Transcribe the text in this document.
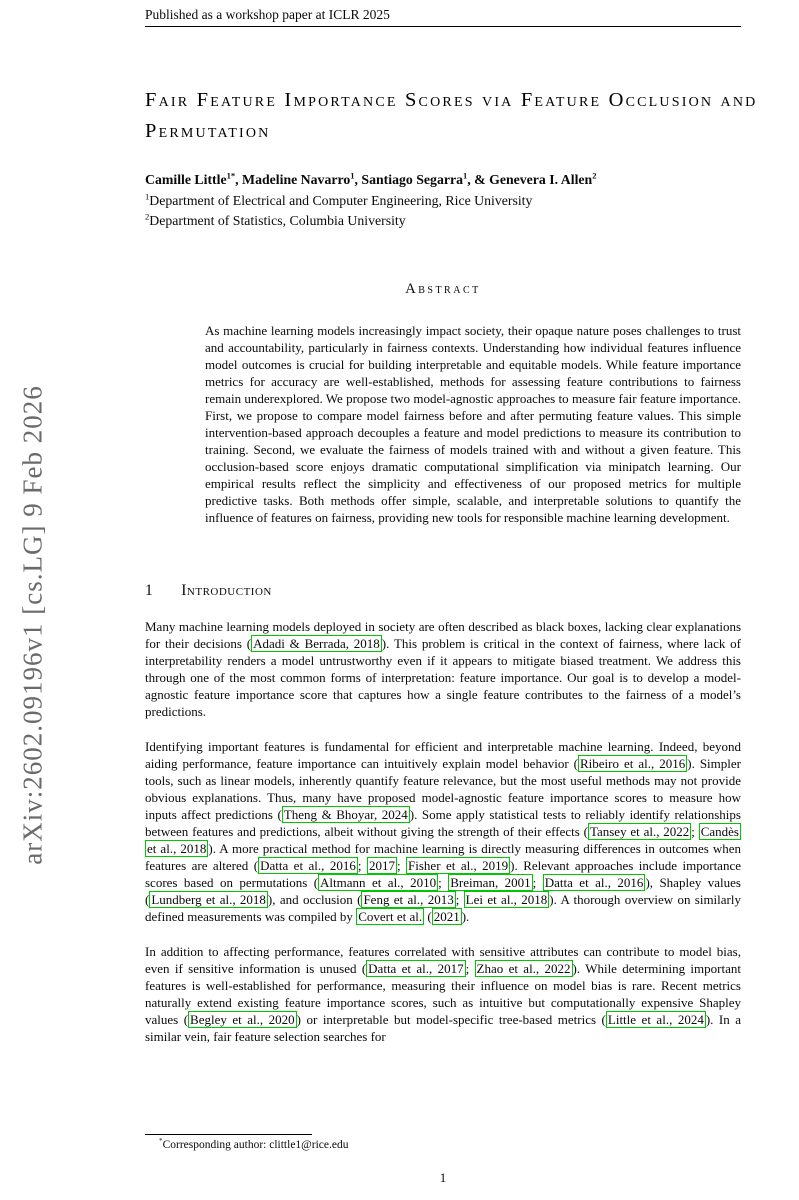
arXiv:2602.09196v1 [cs.LG] 9 Feb 2026
Published as a workshop paper at ICLR 2025
Fair Feature Importance Scores via Feature Occlusion and Permutation
Camille Little$^{1*}$, Madeline Navarro$^1$, Santiago Segarra$^1$, & Genevera I. Allen$^2$
$^1$Department of Electrical and Computer Engineering, Rice University
$^2$Department of Statistics, Columbia University
Abstract

As machine learning models increasingly impact society, their opaque nature poses challenges to trust and accountability, particularly in fairness contexts. Understanding how individual features influence model outcomes is crucial for building interpretable and equitable models. While feature importance metrics for accuracy are well-established, methods for assessing feature contributions to fairness remain underexplored. We propose two model-agnostic approaches to measure fair feature importance. First, we propose to compare model fairness before and after permuting feature values. This simple intervention-based approach decouples a feature and model predictions to measure its contribution to training. Second, we evaluate the fairness of models trained with and without a given feature. This occlusion-based score enjoys dramatic computational simplification via minipatch learning. Our empirical results reflect the simplicity and effectiveness of our proposed metrics for multiple predictive tasks. Both methods offer simple, scalable, and interpretable solutions to quantify the influence of features on fairness, providing new tools for responsible machine learning development.

1 Introduction

Many machine learning models deployed in society are often described as black boxes, lacking clear explanations for their decisions ( Adadi & Berrada, 2018 ). This problem is critical in the context of fairness, where lack of interpretability renders a model untrustworthy even if it appears to mitigate biased treatment. We address this through one of the most common forms of interpretation: feature importance. Our goal is to develop a model-agnostic feature importance score that captures how a single feature contributes to the fairness of a model’s predictions.

Identifying important features is fundamental for efficient and interpretable machine learning. Indeed, beyond aiding performance, feature importance can intuitively explain model behavior ( Ribeiro et al., 2016 ). Simpler tools, such as linear models, inherently quantify feature relevance, but the most useful methods may not provide obvious explanations. Thus, many have proposed model-agnostic feature importance scores to measure how inputs affect predictions ( Theng & Bhoyar, 2024 ). Some apply statistical tests to reliably identify relationships between features and predictions, albeit without giving the strength of their effects ( Tansey et al., 2022 ; Candès et al., 2018 ). A more practical method for machine learning is directly measuring differences in outcomes when features are altered ( Datta et al., 2016 ; 2017 ; Fisher et al., 2019 ). Relevant approaches include importance scores based on permutations ( Altmann et al., 2010 ; Breiman, 2001 ; Datta et al., 2016 ), Shapley values ( Lundberg et al., 2018 ), and occlusion ( Feng et al., 2013 ; Lei et al., 2018 ). A thorough overview on similarly defined measurements was compiled by Covert et al. ( 2021 ).

In addition to affecting performance, features correlated with sensitive attributes can contribute to model bias, even if sensitive information is unused ( Datta et al., 2017 ; Zhao et al., 2022 ). While determining important features is well-established for performance, measuring their influence on model bias is rare. Recent metrics naturally extend existing feature importance scores, such as intuitive but computationally expensive Shapley values ( Begley et al., 2020 ) or interpretable but model-specific tree-based metrics ( Little et al., 2024 ). In a similar vein, fair feature selection searches for

*Corresponding author: clittle1@rice.edu
1
